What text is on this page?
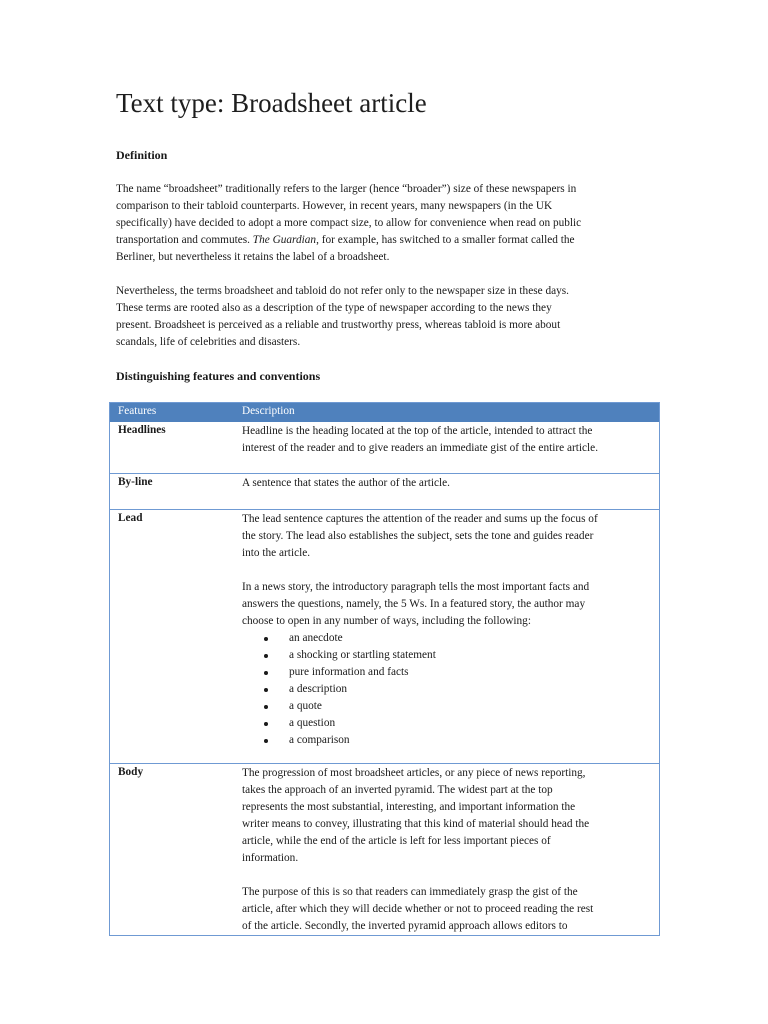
Text type: Broadsheet article
Definition

The name “broadsheet” traditionally refers to the larger (hence “broader”) size of these newspapers in
comparison to their tabloid counterparts. However, in recent years, many newspapers (in the UK
specifically) have decided to adopt a more compact size, to allow for convenience when read on public
transportation and commutes. The Guardian, for example, has switched to a smaller format called the
Berliner, but nevertheless it retains the label of a broadsheet.

Nevertheless, the terms broadsheet and tabloid do not refer only to the newspaper size in these days.
These terms are rooted also as a description of the type of newspaper according to the news they
present. Broadsheet is perceived as a reliable and trustworthy press, whereas tabloid is more about
scandals, life of celebrities and disasters.

Distinguishing features and conventions
Features	Description
Headlines	Headline is the heading located at the top of the article, intended to attract the
interest of the reader and to give readers an immediate gist of the entire article.
By-line	A sentence that states the author of the article.
Lead	The lead sentence captures the attention of the reader and sums up the focus of
the story. The lead also establishes the subject, sets the tone and guides reader
into the article.
In a news story, the introductory paragraph tells the most important facts and
answers the questions, namely, the 5 Ws. In a featured story, the author may
choose to open in any number of ways, including the following:
an anecdote
a shocking or startling statement
pure information and facts
a description
a quote
a question
a comparison
Body	The progression of most broadsheet articles, or any piece of news reporting,
takes the approach of an inverted pyramid. The widest part at the top
represents the most substantial, interesting, and important information the
writer means to convey, illustrating that this kind of material should head the
article, while the end of the article is left for less important pieces of
information.
The purpose of this is so that readers can immediately grasp the gist of the
article, after which they will decide whether or not to proceed reading the rest
of the article. Secondly, the inverted pyramid approach allows editors to
